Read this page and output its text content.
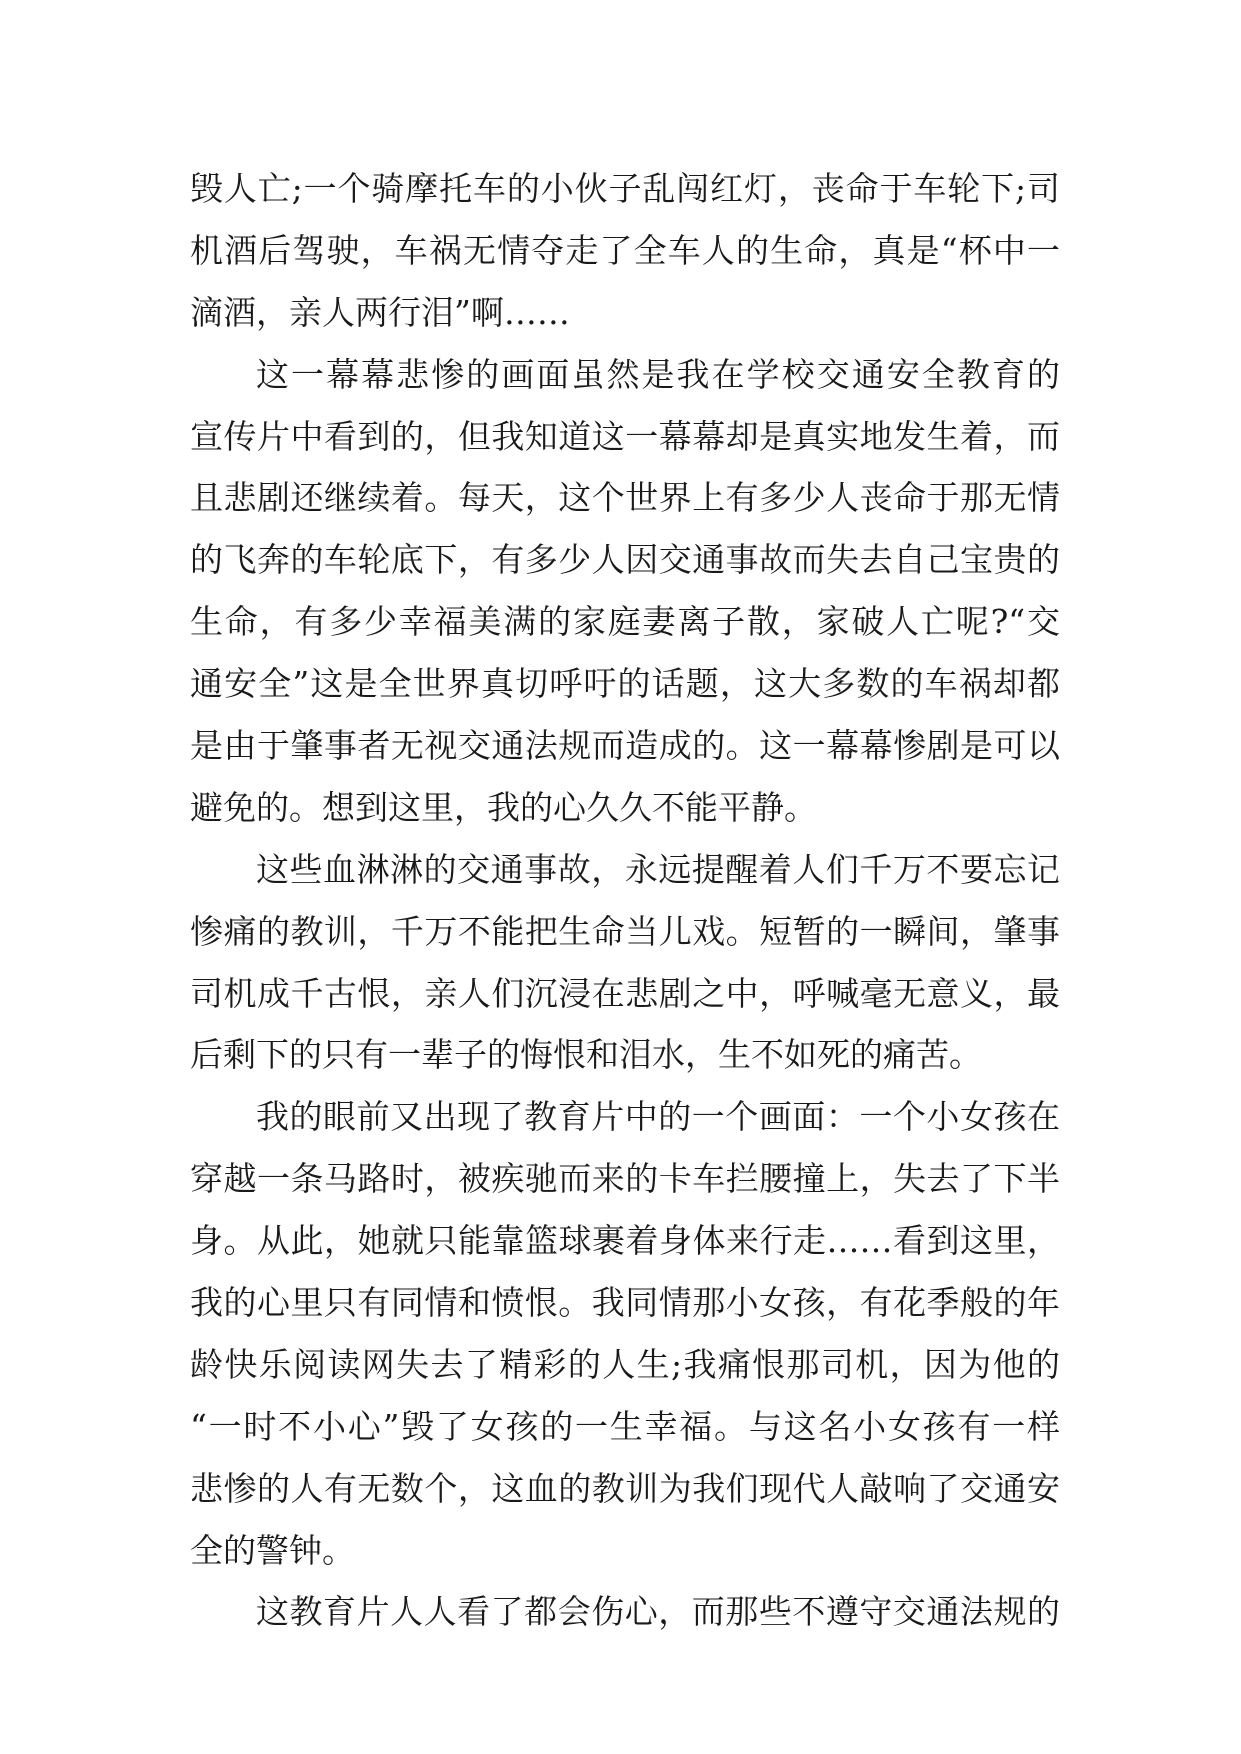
毁人亡;一个骑摩托车的小伙子乱闯红灯，丧命于车轮下;司
机酒后驾驶，车祸无情夺走了全车人的生命，真是“杯中一
滴酒，亲人两行泪”啊……
这一幕幕悲惨的画面虽然是我在学校交通安全教育的
宣传片中看到的，但我知道这一幕幕却是真实地发生着，而
且悲剧还继续着。每天，这个世界上有多少人丧命于那无情
的飞奔的车轮底下，有多少人因交通事故而失去自己宝贵的
生命，有多少幸福美满的家庭妻离子散，家破人亡呢?“交
通安全”这是全世界真切呼吁的话题，这大多数的车祸却都
是由于肇事者无视交通法规而造成的。这一幕幕惨剧是可以
避免的。想到这里，我的心久久不能平静。
这些血淋淋的交通事故，永远提醒着人们千万不要忘记
惨痛的教训，千万不能把生命当儿戏。短暂的一瞬间，肇事
司机成千古恨，亲人们沉浸在悲剧之中，呼喊毫无意义，最
后剩下的只有一辈子的悔恨和泪水，生不如死的痛苦。
我的眼前又出现了教育片中的一个画面：一个小女孩在
穿越一条马路时，被疾驰而来的卡车拦腰撞上，失去了下半
身。从此，她就只能靠篮球裹着身体来行走……看到这里，
我的心里只有同情和愤恨。我同情那小女孩，有花季般的年
龄快乐阅读网失去了精彩的人生;我痛恨那司机，因为他的
“一时不小心”毁了女孩的一生幸福。与这名小女孩有一样
悲惨的人有无数个，这血的教训为我们现代人敲响了交通安
全的警钟。
这教育片人人看了都会伤心，而那些不遵守交通法规的
